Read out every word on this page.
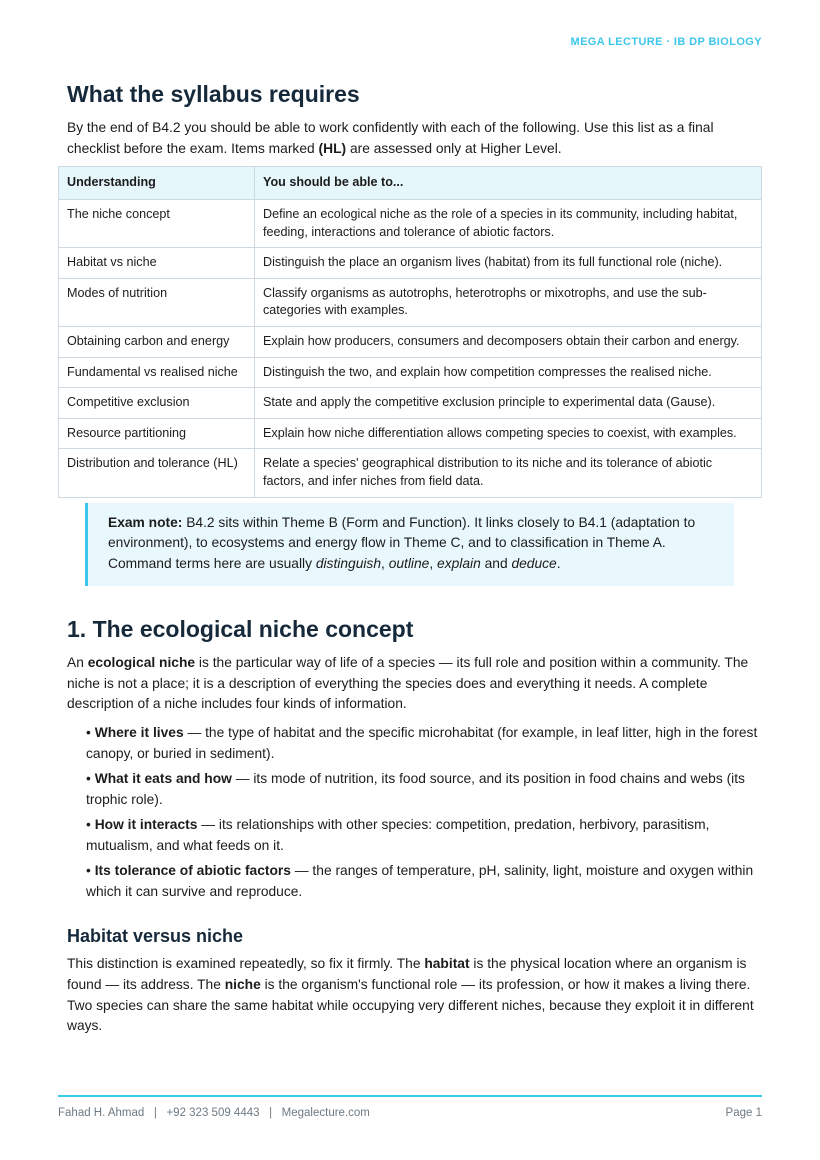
MEGA LECTURE · IB DP BIOLOGY
What the syllabus requires

By the end of B4.2 you should be able to work confidently with each of the following. Use this list as a final checklist before the exam. Items marked (HL) are assessed only at Higher Level.

Understanding	You should be able to...
The niche concept	Define an ecological niche as the role of a species in its community, including habitat, feeding, interactions and tolerance of abiotic factors.
Habitat vs niche	Distinguish the place an organism lives (habitat) from its full functional role (niche).
Modes of nutrition	Classify organisms as autotrophs, heterotrophs or mixotrophs, and use the sub-categories with examples.
Obtaining carbon and energy	Explain how producers, consumers and decomposers obtain their carbon and energy.
Fundamental vs realised niche	Distinguish the two, and explain how competition compresses the realised niche.
Competitive exclusion	State and apply the competitive exclusion principle to experimental data (Gause).
Resource partitioning	Explain how niche differentiation allows competing species to coexist, with examples.
Distribution and tolerance (HL)	Relate a species' geographical distribution to its niche and its tolerance of abiotic factors, and infer niches from field data.
Exam note: B4.2 sits within Theme B (Form and Function). It links closely to B4.1 (adaptation to environment), to ecosystems and energy flow in Theme C, and to classification in Theme A. Command terms here are usually distinguish, outline, explain and deduce.
1. The ecological niche concept

An ecological niche is the particular way of life of a species — its full role and position within a community. The niche is not a place; it is a description of everything the species does and everything it needs. A complete description of a niche includes four kinds of information.

• Where it lives — the type of habitat and the specific microhabitat (for example, in leaf litter, high in the forest canopy, or buried in sediment).
• What it eats and how — its mode of nutrition, its food source, and its position in food chains and webs (its trophic role).
• How it interacts — its relationships with other species: competition, predation, herbivory, parasitism, mutualism, and what feeds on it.
• Its tolerance of abiotic factors — the ranges of temperature, pH, salinity, light, moisture and oxygen within which it can survive and reproduce.
Habitat versus niche

This distinction is examined repeatedly, so fix it firmly. The habitat is the physical location where an organism is found — its address. The niche is the organism's functional role — its profession, or how it makes a living there. Two species can share the same habitat while occupying very different niches, because they exploit it in different ways.

Fahad H. Ahmad   |   +92 323 509 4443   |   Megalecture.com	Page 1
